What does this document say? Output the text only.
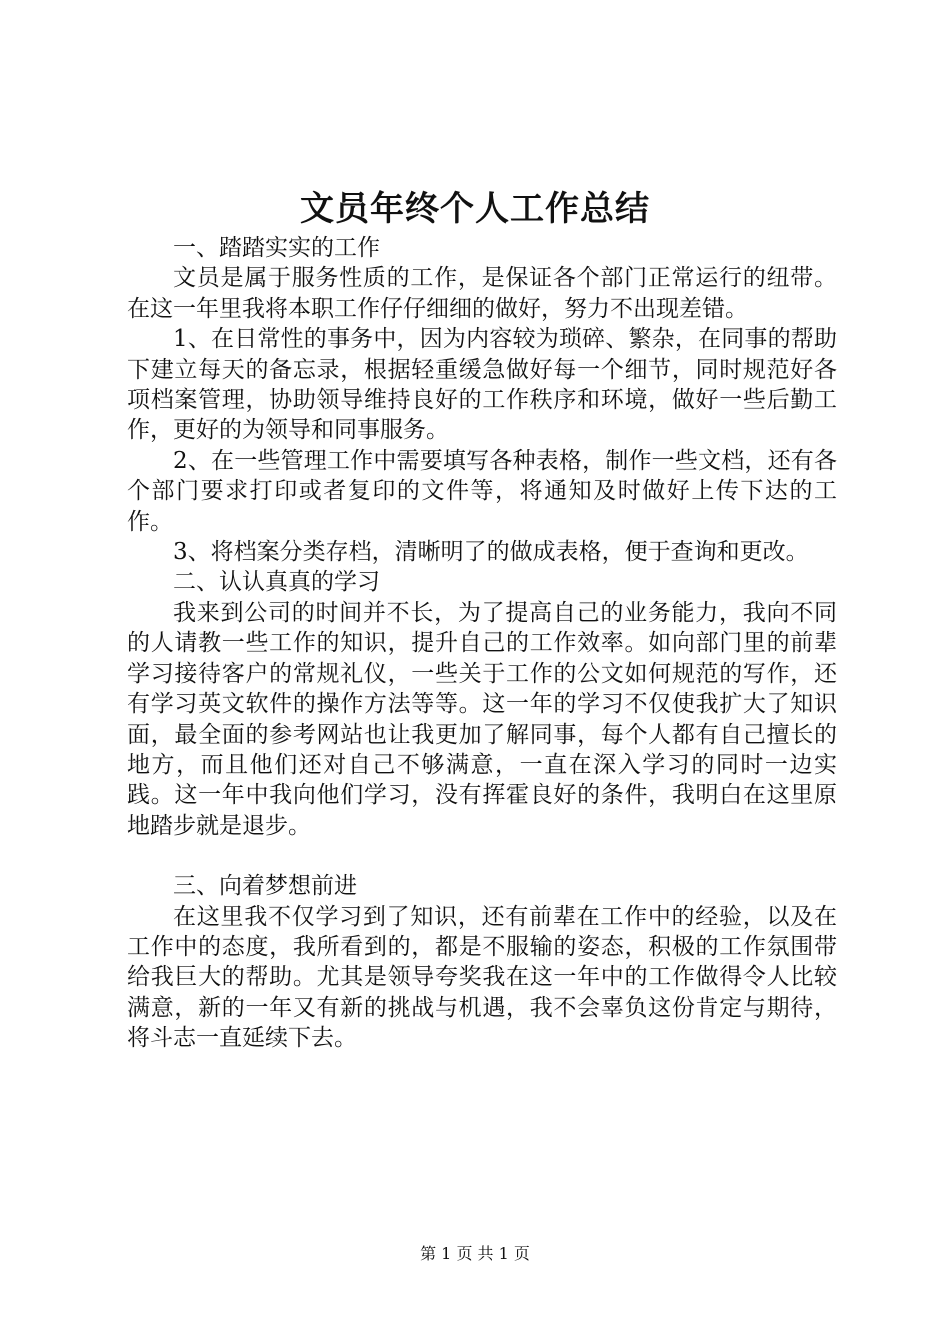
文员年终个人工作总结

一、踏踏实实的工作

文员是属于服务性质的工作，是保证各个部门正常运行的纽带。在这一年里我将本职工作仔仔细细的做好，努力不出现差错。

1、在日常性的事务中，因为内容较为琐碎、繁杂，在同事的帮助下建立每天的备忘录，根据轻重缓急做好每一个细节，同时规范好各项档案管理，协助领导维持良好的工作秩序和环境，做好一些后勤工作，更好的为领导和同事服务。

2、在一些管理工作中需要填写各种表格，制作一些文档，还有各个部门要求打印或者复印的文件等，将通知及时做好上传下达的工作。

3、将档案分类存档，清晰明了的做成表格，便于查询和更改。

二、认认真真的学习

我来到公司的时间并不长，为了提高自己的业务能力，我向不同的人请教一些工作的知识，提升自己的工作效率。如向部门里的前辈学习接待客户的常规礼仪，一些关于工作的公文如何规范的写作，还有学习英文软件的操作方法等等。这一年的学习不仅使我扩大了知识面，最全面的参考网站也让我更加了解同事，每个人都有自己擅长的地方，而且他们还对自己不够满意，一直在深入学习的同时一边实践。这一年中我向他们学习，没有挥霍良好的条件，我明白在这里原地踏步就是退步。

三、向着梦想前进

在这里我不仅学习到了知识，还有前辈在工作中的经验，以及在工作中的态度，我所看到的，都是不服输的姿态，积极的工作氛围带给我巨大的帮助。尤其是领导夸奖我在这一年中的工作做得令人比较满意，新的一年又有新的挑战与机遇，我不会辜负这份肯定与期待，将斗志一直延续下去。

第 1 页 共 1 页
